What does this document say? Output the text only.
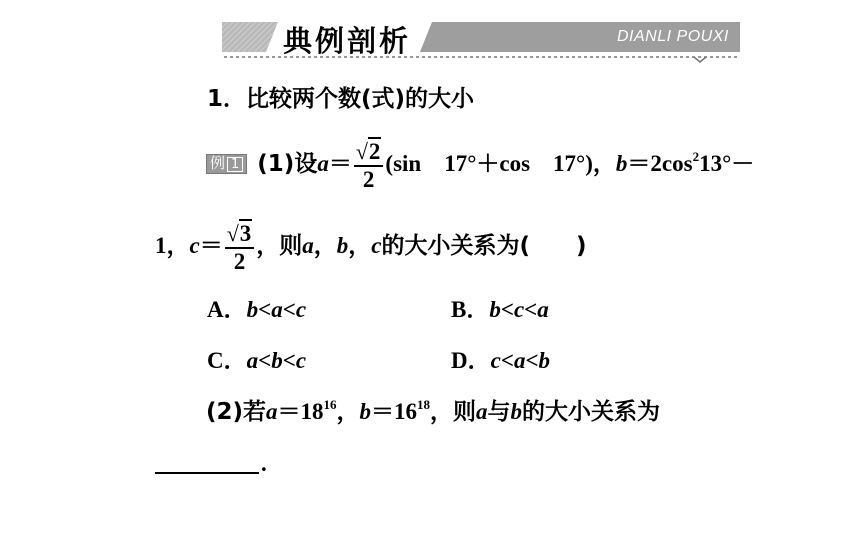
典例剖析	DIANLI POUXI
1．比较两个数(式)的大小
例 1 (1)设$a= \frac{√2}{2} (\sin$　17°＋cos　17°)，$b=2\cos^213^\circ-$
1，$c= \frac{√3}{2}$ ，则a，b，c的大小关系为(　　)
A．b<a<c	B．b<c<a
C．a<b<c	D．c<a<b
(2)若$a=18^{16}$，$b=16^{18}$，则a与b的大小关系为
.
